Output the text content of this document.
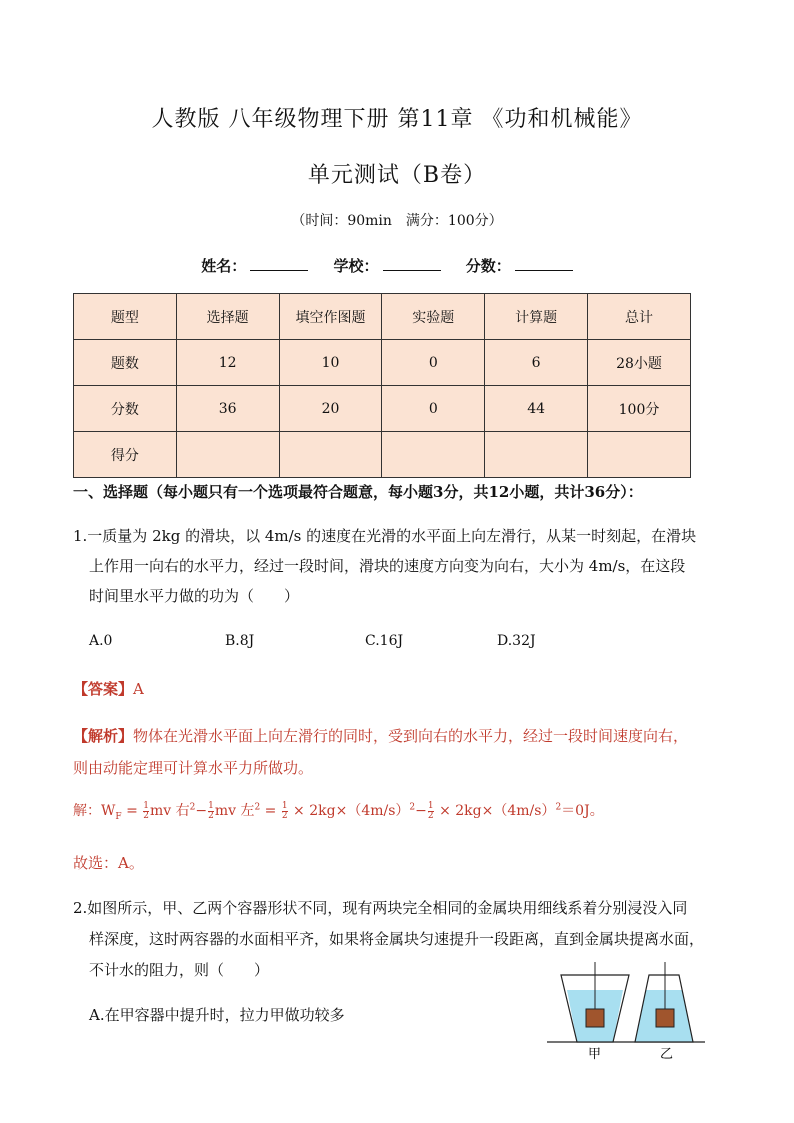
人教版 八年级物理下册 第11章 《功和机械能》
单元测试（B卷）
（时间：90min　满分：100分）
姓名：	学校：	分数：
题型	选择题	填空作图题	实验题	计算题	总计
题数	12	10	0	6	28小题
分数	36	20	0	44	100分
得分					
一、选择题（每小题只有一个选项最符合题意，每小题3分，共12小题，共计36分）：
1.一质量为 2kg 的滑块，以 4m/s 的速度在光滑的水平面上向左滑行，从某一时刻起，在滑块
上作用一向右的水平力，经过一段时间，滑块的速度方向变为向右，大小为 4m/s，在这段
时间里水平力做的功为（　　）
A.0	B.8J	C.16J	D.32J
【答案】A
【解析】物体在光滑水平面上向左滑行的同时，受到向右的水平力，经过一段时间速度向右，
则由动能定理可计算水平力所做功。
解：$W_F = \frac{1}{2}$ mv 右$^2- \frac{1}{2}$ mv 左$^2 = \frac{1}{2} \times 2kg\times(4m/s)^2- \frac{1}{2} \times 2kg\times(4m/s)^2=0J$。
故选：A。
2.如图所示，甲、乙两个容器形状不同，现有两块完全相同的金属块用细线系着分别浸没入同
样深度，这时两容器的水面相平齐，如果将金属块匀速提升一段距离，直到金属块提离水面，
不计水的阻力，则（　　）
A.在甲容器中提升时，拉力甲做功较多
甲	乙
